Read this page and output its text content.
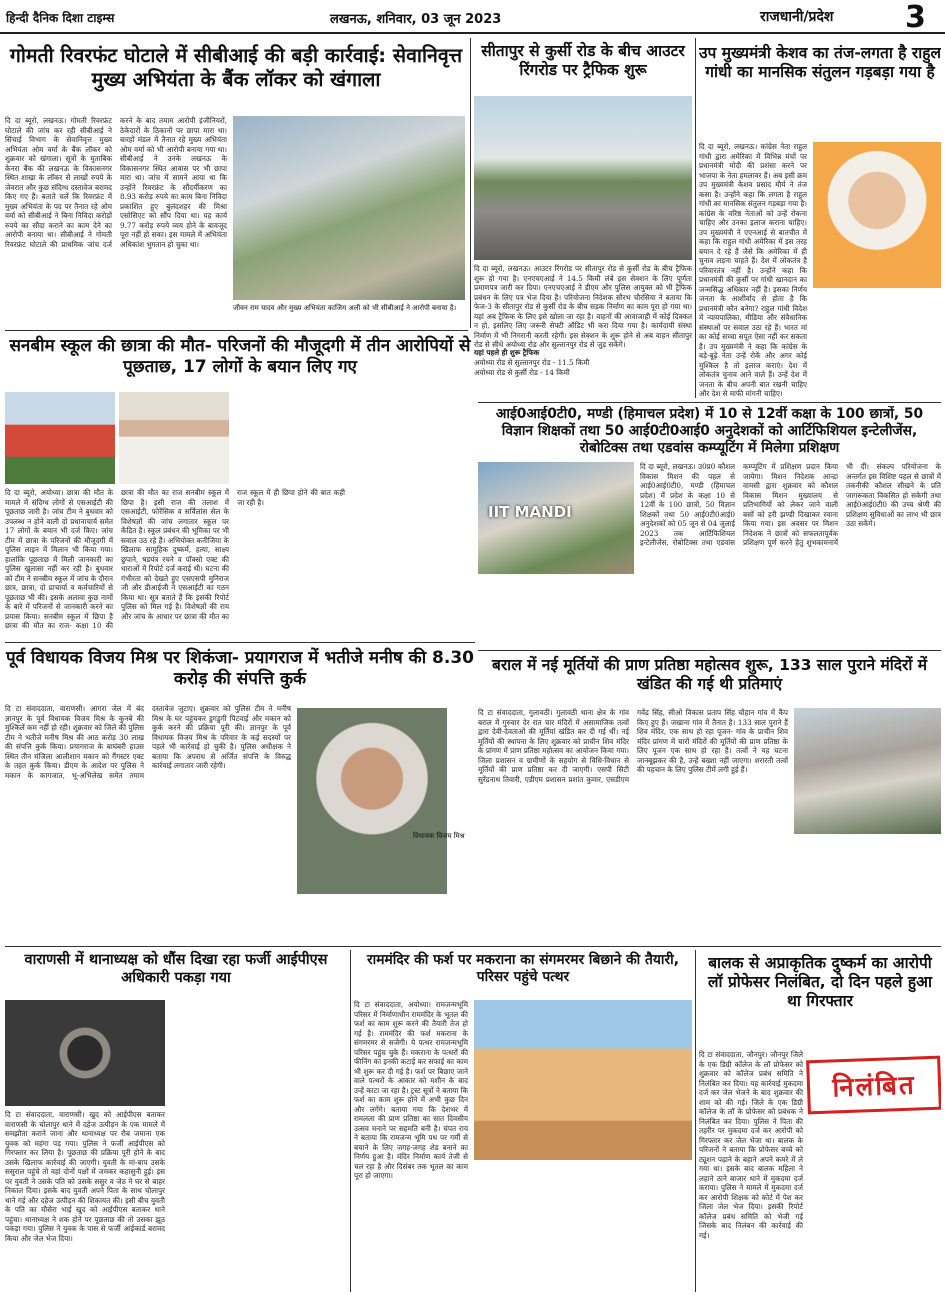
हिन्दी दैनिक दिशा टाइम्स	लखनऊ, शनिवार, 03 जून 2023	राजधानी/प्रदेश 3
गोमती रिवरफंट घोटाले में सीबीआई की बड़ी कार्रवाई: सेवानिवृत्त मुख्य अभियंता के बैंक लॉकर को खंगाला
दि दा ब्यूरो, लखनऊ। गोमती रिवरफ्रंट घोटाले की जांच कर रही सीबीआई ने सिंचाई विभाग के सेवानिवृत्त मुख्य अभियंता ओम वर्मा के बैंक लॉकर को शुक्रवार को खंगाला। सूत्रों के मुताबिक केनरा बैंक की लखनऊ के विकासनगर स्थित शाखा के लॉकर से लाखों रुपये के जेवरात और कुछ संदिग्ध दस्तावेज बरामद किए गए हैं। बताते चलें कि रिवरफ्रंट में मुख्य अभियंता के पद पर तैनात रहे ओम वर्मा को सीबीआई ने बिना निविदा करोड़ों रुपये का सौदा कराने का काम देने का आरोपी बनाया था। सीबीआई ने गोमती रिवरफ्रंट घोटाले की प्राथमिक जांच दर्ज करने के बाद तमाम आरोपी इंजीनियरों, ठेकेदारों के ठिकानों पर छापा मारा था। बारहों मंडल में तैनात रहे मुख्य अभियंता ओम वर्मा को भी आरोपी बनाया गया था। सीबीआई ने उनके लखनऊ के विकासनगर स्थित आवास पर भी छापा मारा था। जांच में सामने आया था कि उन्होंने रिवरफ्रंट के सौंदर्यीकरण का 8.93 करोड़ रुपये का काम बिना निविदा प्रकाशित हुए बुलंदशहर की मिश्रा एसोसिएट को सौंप दिया था। यह कार्य 9.77 करोड़ रुपये व्यय होने के बावजूद पूरा नहीं हो सका। इस मामले में अभियंता अधिकांश भुगतान हो चुका था।
जीवन राम यादव और मुख्य अभियंता काजिम अली को भी सीबीआई ने आरोपी बनाया है।
सीतापुर से कुर्सी रोड के बीच आउटर रिंगरोड पर ट्रैफिक शुरू
दि दा ब्यूरो, लखनऊ। आउटर रिंगरोड पर सीतापुर रोड से कुर्सी रोड के बीच ट्रैफिक शुरू हो गया है। एनएचएआई ने 14.5 किमी लंबे इस सेक्शन के लिए पूर्णता प्रमाणपत्र जारी कर दिया। एनएचएआई ने डीएम और पुलिस आयुक्त को भी ट्रैफिक प्रबंधन के लिए पत्र भेज दिया है। परियोजना निदेशक सौरभ चौरसिया ने बताया कि फेज-3 के सीतापुर रोड से कुर्सी रोड के बीच सड़क निर्माण का काम पूरा हो गया था। यहां अब ट्रैफिक के लिए इसे खोला जा रहा है। वाहनों की आवाजाही में कोई दिक्कत न हो, इसलिए लिए जरूरी सेफ्टी ऑडिट भी करा दिया गया है। कार्यदायी संस्था निर्माण में भी निगरानी करती रहेगी। इस सेक्शन के शुरू होने से अब वाहन सीतापुर रोड से सीधे अयोध्या रोड और सुल्तानपुर रोड से जुड़ सकेंगे।
यहां पहले ही शुरू ट्रैफिक
अयोध्या रोड से सुल्तानपुर रोड - 11.5 किमी
अयोध्या रोड से कुर्सी रोड - 14 किमी
उप मुख्यमंत्री केशव का तंज-लगता है राहुल गांधी का मानसिक संतुलन गड़बड़ा गया है
दि दा ब्यूरो, लखनऊ। कांग्रेस नेता राहुल गांधी द्वारा अमेरिका में विभिन्न मंचों पर प्रधानमंत्री मोदी की प्रशंसा करने पर भाजपा के नेता हमलावर हैं। अब इसी क्रम उप मुख्यमंत्री केशव प्रसाद मौर्य ने तंज कसा है। उन्होंने कहा कि लगता है राहुल गांधी का मानसिक संतुलन गड़बड़ा गया है। कांग्रेस के वरिष्ठ नेताओं को उन्हें रोकना चाहिए और उनका इलाज कराना चाहिए। उप मुख्यमंत्री ने एएनआई से बातचीत में कहा कि राहुल गांधी अमेरिका में इस तरह बयान दे रहे हैं जैसे कि अमेरिका में ही चुनाव लड़ना चाहते हैं। देश में लोकतंत्र है परिवारतंत्र नहीं है। उन्होंने कहा कि प्रधानमंत्री की कुर्सी पर गांधी खानदान का जन्मसिद्ध अधिकार नहीं है। इसका निर्णय जनता के आशीर्वाद से होता है कि प्रधानमंत्री कौन बनेगा? राहुल गांधी विदेश में न्यायपालिका, मीडिया और संवैधानिक संस्थाओं पर सवाल उठा रहे हैं। भारत मां का कोई सच्चा सपूत ऐसा नहीं कर सकता है। उप मुख्यमंत्री ने कहा कि कांग्रेस के बड़े-बूढ़े नेता उन्हें रोकें और अगर कोई मुश्किल है तो इलाज कराएं। देश में लोकतंत्र चुनाव आने वाले हैं। उन्हें देश में जनता के बीच अपनी बात रखनी चाहिए और देश से माफी मांगनी चाहिए।
सनबीम स्कूल की छात्रा की मौत- परिजनों की मौजूदगी में तीन आरोपियों से पूछताछ, 17 लोगों के बयान लिए गए
दि दा ब्यूरो, अयोध्या। छात्रा की मौत के मामले में संदिग्ध लोगों से एसआईटी की पूछताछ जारी है। जांच टीम ने बुधवार को उपलब्ध न होने वाली दो प्रधानाचार्य समेत 17 लोगों के बयान भी दर्ज किए। जांच टीम में छात्रा के परिजनों की मौजूदगी में पुलिस लाइन में मिलान भी किया गया। हालांकि पूछताछ में मिली जानकारी का पुलिस खुलासा नहीं कर रही है। बुधवार को टीम ने सनबीम स्कूल में जांच के दौरान छात्र, छात्रा, दो प्राचार्या व कर्मचारियों से पूछताछ भी की। इसके अलावा कुछ नामों के बारे में परिजनों से जानकारी करने का प्रयास किया। सनबीम स्कूल में छिपा है छात्रा की मौत का राज- कक्षा 10 की छात्रा की मौत का राज सनबीम स्कूल में छिपा है। इसी राज की तलाश में एसआईटी, फोरेंसिक व सर्विलांस सेल के विशेषज्ञों की जांच लगातार स्कूल पर केंद्रित है। स्कूल प्रबंधन की भूमिका पर भी सवाल उठ रहे हैं। अभियोक्त कनीजिया के खिलाफ सामूहिक दुष्कर्म, हत्या, साक्ष्य छुपाने, षडयंत्र रचने व पॉक्सो एक्ट की धाराओं में रिपोर्ट दर्ज कराई थी। घटना की गंभीरता को देखते हुए एसएसपी मुनिराज जी और डीआईजी ने एसआईटी का गठन किया था। सूत्र बताते हैं कि इसकी रिपोर्ट पुलिस को मिल गई है। विशेषज्ञों की राय और जांच के आधार पर छात्रा की मौत का राज स्कूल में ही छिपा होने की बात कही जा रही है।
आई0आई0टी0, मण्डी (हिमाचल प्रदेश) में 10 से 12वीं कक्षा के 100 छात्रों, 50 विज्ञान शिक्षकों तथा 50 आई0टी0आई0 अनुदेशकों को आर्टिफिशियल इन्टेलीजेंस, रोबोटिक्स तथा एडवांस कम्प्यूटिंग में मिलेगा प्रशिक्षण
IIT MANDI
दि दा ब्यूरो, लखनऊ। उ0प्र0 कौशल विकास मिशन की पहल से आई0आई0टी0, मण्डी (हिमाचल प्रदेश) में प्रदेश के कक्षा 10 से 12वीं के 100 छात्रों, 50 विज्ञान शिक्षकों तथा 50 आई0टी0आई0 अनुदेशकों को 05 जून से 04 जुलाई 2023 तक आर्टिफिशियल इन्टेलीजेंस, रोबोटिक्स तथा एडवांस कम्प्यूटिंग में प्रशिक्षण प्रदान किया जायेगा। मिशन निदेशक आन्द्रा वामसी द्वारा शुक्रवार को कौशल विकास मिशन मुख्यालय से प्रतिभागियों को लेकर जाने वाली बसों को हरी झण्डी दिखाकर रवाना किया गया। इस अवसर पर मिशन निदेशक ने छात्रों को सफलतापूर्वक प्रशिक्षण पूर्ण करने हेतु शुभकामनायें भी दीं। संकल्प परियोजना के अन्तर्गत इस विशिष्ट पहल से छात्रों में तकनीकी कौशल सीखने के प्रति जागरूकता विकसित हो सकेगी तथा आई0आई0टी0 की उच्च श्रेणी की प्रशिक्षण सुविधाओं का लाभ भी छात्र उठा सकेंगे।
पूर्व विधायक विजय मिश्र पर शिकंजा- प्रयागराज में भतीजे मनीष की 8.30 करोड़ की संपत्ति कुर्क
दि टा संवाददाता, वाराणसी। आगरा जेल में बंद ज्ञानपुर के पूर्व विधायक विजय मिश्र के कुनबे की मुश्किलें कम नहीं हो रही। शुक्रवार को जिले की पुलिस टीम ने भतीजे मनीष मिश्र की आठ करोड़ 30 लाख की संपत्ति कुर्क किया। प्रयागराज के बाघंबरी हाउस स्थित तीन मंजिला आलीशान मकान को गैंगस्टर एक्ट के तहत कुर्क किया। डीएम के आदेश पर पुलिस ने मकान के कागजात, भू-अभिलेख समेत तमाम दस्तावेज जुटाए। शुक्रवार को पुलिस टीम ने मनीष मिश्र के घर पहुंचकर डुगडुगी पिटवाई और मकान को कुर्क करने की प्रक्रिया पूरी की। ज्ञानपुर के पूर्व विधायक विजय मिश्र के परिवार के कई सदस्यों पर पहले भी कार्रवाई हो चुकी है। पुलिस अधीक्षक ने बताया कि अपराध से अर्जित संपत्ति के विरुद्ध कार्रवाई लगातार जारी रहेगी।
विधायक विजय मिश्र
बराल में नई मूर्तियों की प्राण प्रतिष्ठा महोत्सव शुरू, 133 साल पुराने मंदिरों में खंडित की गई थी प्रतिमाएं
दि टा संवाददाता, गुलावठी। गुलावठी थाना क्षेत्र के गांव बराल में गुरुवार देर रात चार मंदिरों में असामाजिक तत्वों द्वारा देवी-देवताओं की मूर्तियां खंडित कर दी गई थीं। नई मूर्तियों की स्थापना के लिए शुक्रवार को प्राचीन शिव मंदिर के प्रांगण में प्राण प्रतिष्ठा महोत्सव का आयोजन किया गया। जिला प्रशासन व ग्रामीणों के सहयोग से विधि-विधान से मूर्तियों की प्राण प्रतिष्ठा कर दी जाएगी। एसपी सिटी सुरेंद्रनाथ तिवारी, एडीएम प्रशासन प्रशांत कुमार, एसडीएम गवेंद्र सिंह, सीओ विकास प्रताप सिंह चौहान गांव में कैंप किए हुए हैं। जखाना गांव में तैनात है। 133 साल पुराने हैं शिव मंदिर, एक साथ हो रहा पूजन- गांव के प्राचीन शिव मंदिर प्रांगण में चारों मंदिरों की मूर्तियों की प्राण प्रतिष्ठा के लिए पूजन एक साथ हो रहा है। तत्वों ने यह घटना जानबूझकर की है, उन्हें बख्शा नहीं जाएगा। शरारती तत्वों की पहचान के लिए पुलिस टीमें लगी हुई हैं।
वाराणसी में थानाध्यक्ष को धौंस दिखा रहा फर्जी आईपीएस अधिकारी पकड़ा गया
दि टा संवाददाता, वाराणसी। खुद को आईपीएस बताकर वाराणसी के चोलापुर थाने में दहेज उत्पीड़न के एक मामले में समझौता कराने जाना और थानाध्यक्ष पर रौब जमाना एक युवक को महंगा पड़ गया। पुलिस ने फर्जी आईपीएस को गिरफ्तार कर लिया है। पूछताछ की प्रक्रिया पूरी होने के बाद उसके खिलाफ कार्रवाई की जाएगी। युवती के मां-बाप उसके ससुराल पहुंचे तो वहां दोनों पक्षों में जमकर कहासुनी हुई। इस पर युवती ने उसके पति को उसके ससुर व जेठ ने घर से बाहर निकाल दिया। इसके बाद युवती अपने पिता के साथ चोलापुर थाने गई और दहेज उत्पीड़न की शिकायत की। इसी बीच युवती के पति का मौसेरा भाई खुद को आईपीएस बताकर थाने पहुंचा। थानाध्यक्ष ने शक होने पर पूछताछ की तो उसका झूठ पकड़ा गया। पुलिस ने युवक के पास से फर्जी आईकार्ड बरामद किया और जेल भेज दिया।
राममंदिर की फर्श पर मकराना का संगमरमर बिछाने की तैयारी, परिसर पहुंचे पत्थर
दि टा संवाददाता, अयोध्या। रामजन्मभूमि परिसर में निर्माणाधीन राममंदिर के भूतल की फर्श का काम शुरू करने की तैयारी तेज हो गई है। राममंदिर की फर्श मकराना के संगमरमर से सजेगी। ये पत्थर रामजन्मभूमि परिसर पहुंच चुके हैं। मकराना के पत्थरों की फीनिंग का इनकी कटाई कर सफाई का काम भी शुरू कर दी गई है। फर्श पर बिछाए जाने वाले पत्थरों के आकार को मशीन के बाद उन्हें काटा जा रहा है। ट्रस्ट सूत्रों ने बताया कि फर्श का काम शुरू होने में अभी कुछ दिन और लगेंगे। बताया गया कि देशभर में रामलला की प्राण प्रतिष्ठा का सात दिवसीय उत्सव मनाने पर सहमति बनी है। चंपत राय ने बताया कि रामजन्म भूमि पथ पर गर्मी से बचाने के लिए जगह-जगह शेड बनाने का निर्णय हुआ है। मंदिर निर्माण कार्य तेजी से चल रहा है और दिसंबर तक भूतल का काम पूरा हो जाएगा।
बालक से अप्राकृतिक दुष्कर्म का आरोपी लॉ प्रोफेसर निलंबित, दो दिन पहले हुआ था गिरफ्तार
दि टा संवाददाता, जौनपुर। जौनपुर जिले के एक डिग्री कॉलेज के लॉ प्रोफेसर को शुक्रवार को कॉलेज प्रबंध समिति ने निलंबित कर दिया। यह कार्रवाई मुकदमा दर्ज कर जेल भेजने के बाद शुक्रवार की शाम को की गई। जिले के एक डिग्री कॉलेज के लॉ के प्रोफेसर को प्रबंधक ने निलंबित कर दिया। पुलिस ने पिता की तहरीर पर मुकदमा दर्ज कर आरोपी को गिरफ्तार कर जेल भेजा था। बालक के परिजनों ने बताया कि प्रोफेसर बच्चे को ट्यूशन पढ़ाने के बहाने अपने कमरे में ले गया था। इसके बाद बालक महिला ने लहाने ठाने बाजार थाने में मुकदमा दर्ज कराया। पुलिस ने मामले में मुकदमा दर्ज कर आरोपी शिक्षक को कोर्ट में पेश कर जिला जेल भेज दिया। इसकी रिपोर्ट कॉलेज प्रबंध समिति को भेजी गई जिसके बाद निलंबन की कार्रवाई की गई।
निलंबित
